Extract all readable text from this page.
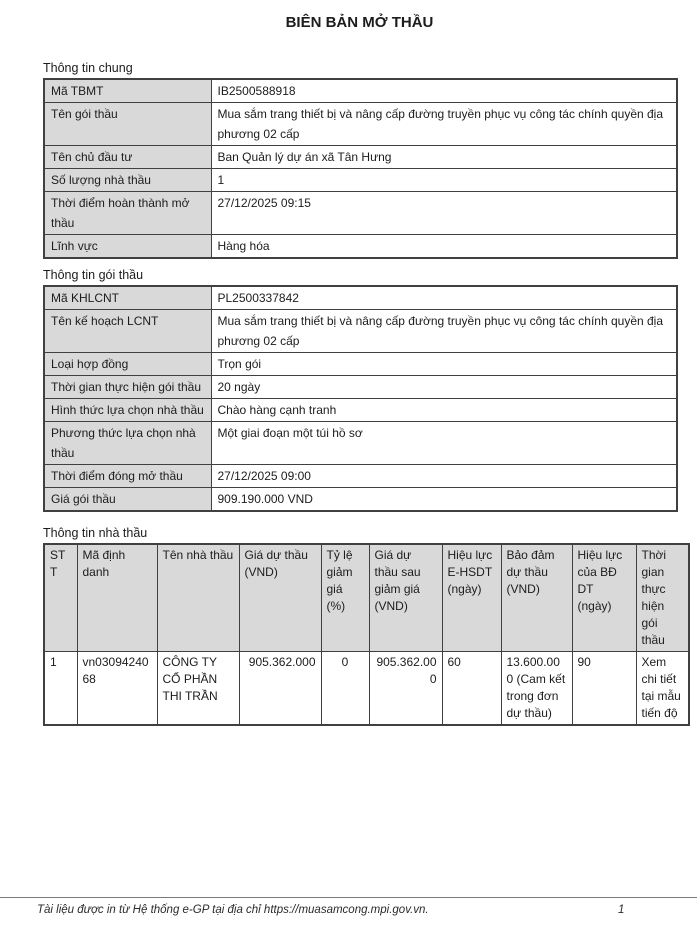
BIÊN BẢN MỞ THẦU

Thông tin chung

Mã TBMT	IB2500588918
Tên gói thầu	Mua sắm trang thiết bị và nâng cấp đường truyền phục vụ công tác chính quyền địa phương 02 cấp
Tên chủ đầu tư	Ban Quản lý dự án xã Tân Hưng
Số lượng nhà thầu	1
Thời điểm hoàn thành mở thầu	27/12/2025 09:15
Lĩnh vực	Hàng hóa

Thông tin gói thầu

Mã KHLCNT	PL2500337842
Tên kế hoạch LCNT	Mua sắm trang thiết bị và nâng cấp đường truyền phục vụ công tác chính quyền địa phương 02 cấp
Loại hợp đồng	Trọn gói
Thời gian thực hiện gói thầu	20 ngày
Hình thức lựa chọn nhà thầu	Chào hàng cạnh tranh
Phương thức lựa chọn nhà thầu	Một giai đoạn một túi hồ sơ
Thời điểm đóng mở thầu	27/12/2025 09:00
Giá gói thầu	909.190.000 VND

Thông tin nhà thầu

STT	Mã định danh	Tên nhà thầu	Giá dự thầu (VND)	Tỷ lệ giảm giá (%)	Giá dự thầu sau giảm giá (VND)	Hiệu lực E-HSDT (ngày)	Bảo đảm dự thầu (VND)	Hiệu lực của BĐ DT (ngày)	Thời gian thực hiện gói thầu
1	vn0309424068	CÔNG TY CỔ PHẦN THI TRẦN	905.362.000	0	905.362.000	60	13.600.000 (Cam kết trong đơn dự thầu)	90	Xem chi tiết tại mẫu tiến độ
Tài liệu được in từ Hệ thống e-GP tại địa chỉ https://muasamcong.mpi.gov.vn.	1
